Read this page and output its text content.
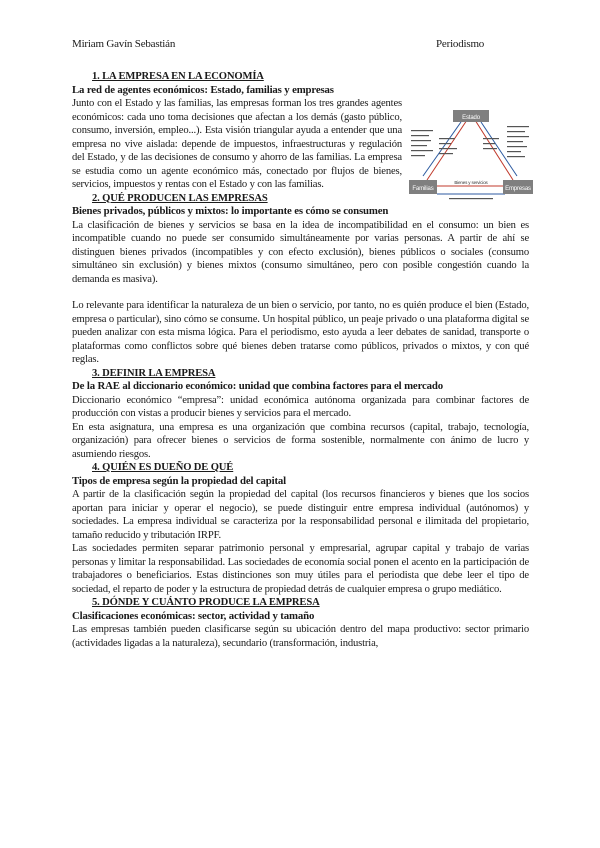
Miriam Gavín Sebastián	Periodismo

1. LA EMPRESA EN LA ECONOMÍA

La red de agentes económicos: Estado, familias y empresas

Junto con el Estado y las familias, las empresas forman los tres grandes agentes económicos: cada uno toma decisiones que afectan a los demás (gasto público, consumo, inversión, empleo...). Esta visión triangular ayuda a entender que una empresa no vive aislada: depende de impuestos, infraestructuras y regulación del Estado, y de las decisiones de consumo y ahorro de las familias. La empresa se estudia como un agente económico más, conectado por flujos de bienes, servicios, impuestos y rentas con el Estado y con las familias.

Estado
Familias	Empresas
Bienes y servicios

2. QUÉ PRODUCEN LAS EMPRESAS

Bienes privados, públicos y mixtos: lo importante es cómo se consumen

La clasificación de bienes y servicios se basa en la idea de incompatibilidad en el consumo: un bien es incompatible cuando no puede ser consumido simultáneamente por varias personas. A partir de ahí se distinguen bienes privados (incompatibles y con efecto exclusión), bienes públicos o sociales (consumo simultáneo sin exclusión) y bienes mixtos (consumo simultáneo, pero con posible congestión cuando la demanda es masiva).

Lo relevante para identificar la naturaleza de un bien o servicio, por tanto, no es quién produce el bien (Estado, empresa o particular), sino cómo se consume. Un hospital público, un peaje privado o una plataforma digital se pueden analizar con esta misma lógica. Para el periodismo, esto ayuda a leer debates de sanidad, transporte o plataformas como conflictos sobre qué bienes deben tratarse como públicos, privados o mixtos, y con qué reglas.

3. DEFINIR LA EMPRESA

De la RAE al diccionario económico: unidad que combina factores para el mercado

Diccionario económico “empresa”: unidad económica autónoma organizada para combinar factores de producción con vistas a producir bienes y servicios para el mercado.

En esta asignatura, una empresa es una organización que combina recursos (capital, trabajo, tecnología, organización) para ofrecer bienes o servicios de forma sostenible, normalmente con ánimo de lucro y asumiendo riesgos.

4. QUIÉN ES DUEÑO DE QUÉ

Tipos de empresa según la propiedad del capital

A partir de la clasificación según la propiedad del capital (los recursos financieros y bienes que los socios aportan para iniciar y operar el negocio), se puede distinguir entre empresa individual (autónomos) y sociedades. La empresa individual se caracteriza por la responsabilidad personal e ilimitada del propietario, tamaño reducido y tributación IRPF.

Las sociedades permiten separar patrimonio personal y empresarial, agrupar capital y trabajo de varias personas y limitar la responsabilidad. Las sociedades de economía social ponen el acento en la participación de trabajadores o beneficiarios. Estas distinciones son muy útiles para el periodista que debe leer el tipo de sociedad, el reparto de poder y la estructura de propiedad detrás de cualquier empresa o grupo mediático.

5. DÓNDE Y CUÁNTO PRODUCE LA EMPRESA

Clasificaciones económicas: sector, actividad y tamaño

Las empresas también pueden clasificarse según su ubicación dentro del mapa productivo: sector primario (actividades ligadas a la naturaleza), secundario (transformación, industria,
